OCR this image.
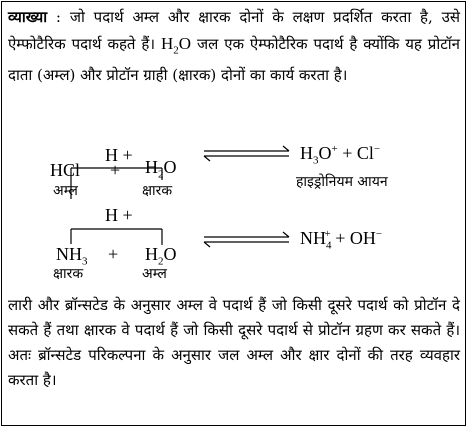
व्याख्या : जो पदार्थ अम्ल और क्षारक दोनों के लक्षण प्रदर्शित करता है, उसे ऐम्फोटैरिक पदार्थ कहते हैं। $H_2O$ जल एक ऐम्फोटैरिक पदार्थ है क्योंकि यह प्रोटॉन दाता (अम्ल) और प्रोटॉन ग्राही (क्षारक) दोनों का कार्य करता है।
H +
HCl
अम्ल
+ $H_2O$
क्षारक
$H_3O^+ + Cl^-$
हाइड्रोनियम आयन
H +
$NH_3$
क्षारक
+ $H_2O$
अम्ल
$NH_4^+ + OH^-$
लारी और ब्रॉन्सटेड के अनुसार अम्ल वे पदार्थ हैं जो किसी दूसरे पदार्थ को प्रोटॉन दे सकते हैं तथा क्षारक वे पदार्थ हैं जो किसी दूसरे पदार्थ से प्रोटॉन ग्रहण कर सकते हैं। अतः ब्रॉन्सटेड परिकल्पना के अनुसार जल अम्ल और क्षार दोनों की तरह व्यवहार करता है।
